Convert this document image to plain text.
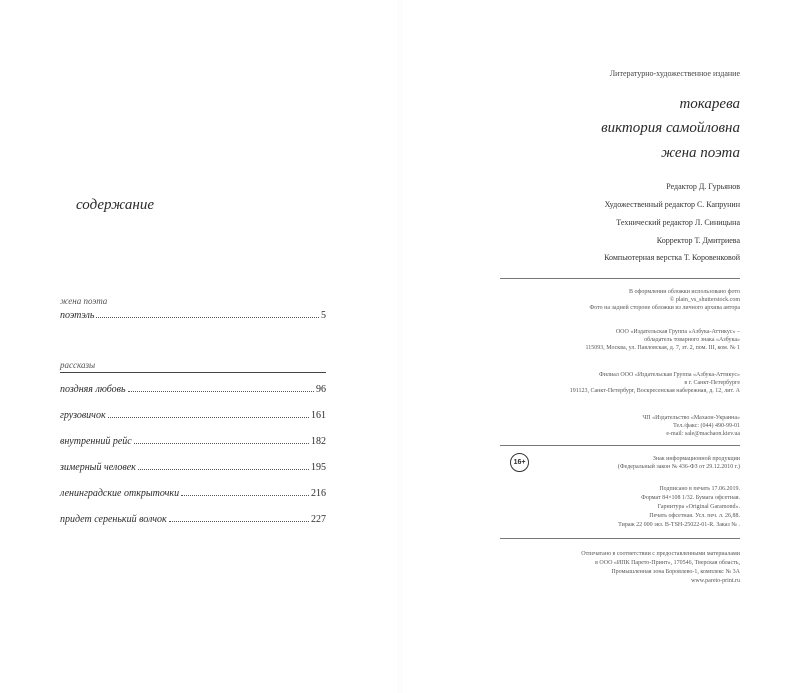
содержание
жена поэта
поэтэль	5
рассказы
поздняя любовь	96
грузовичок	161
внутренний рейс	182
зимерный человек	195
ленинградские открыточки	216
придет серенький волчок	227
Литературно-художественное издание
токарева
виктория самойловна
жена поэта
Редактор Д. Гурьянов
Художественный редактор С. Капрунин
Технический редактор Л. Синицына
Корректор Т. Дмитриева
Компьютерная верстка Т. Коровенковой
В оформлении обложки использовано фото
© plain_vs_shutterstock.com
Фото на задней стороне обложки из личного архива автора
ООО «Издательская Группа «Азбука-Аттикус» –
обладатель товарного знака «Азбука»
115093, Москва, ул. Павловская, д. 7, эт. 2, пом. III, ком. № 1
Филиал ООО «Издательская Группа «Азбука-Аттикус»
в г. Санкт-Петербурге
191123, Санкт-Петербург, Воскресенская набережная, д. 12, лит. А
ЧП «Издательство «Махаон-Украина»
Тел./факс: (044) 490-99-01
e-mail: sale@machaon.kiev.ua
16+	Знак информационной продукции
(Федеральный закон № 436-ФЗ от 29.12.2010 г.)
Подписано в печать 17.06.2019.
Формат 84×108 1/32. Бумага офсетная.
Гарнитура «Original Garamond».
Печать офсетная. Усл. печ. л. 26,88.
Тираж 22 000 экз. B-TSH-25022-01-R. Заказ № .
Отпечатано в соответствии с предоставленными материалами
в ООО «ИПК Парето-Принт», 170546, Тверская область,
Промышленная зона Боровлево-1, комплекс № 3А
www.pareto-print.ru
